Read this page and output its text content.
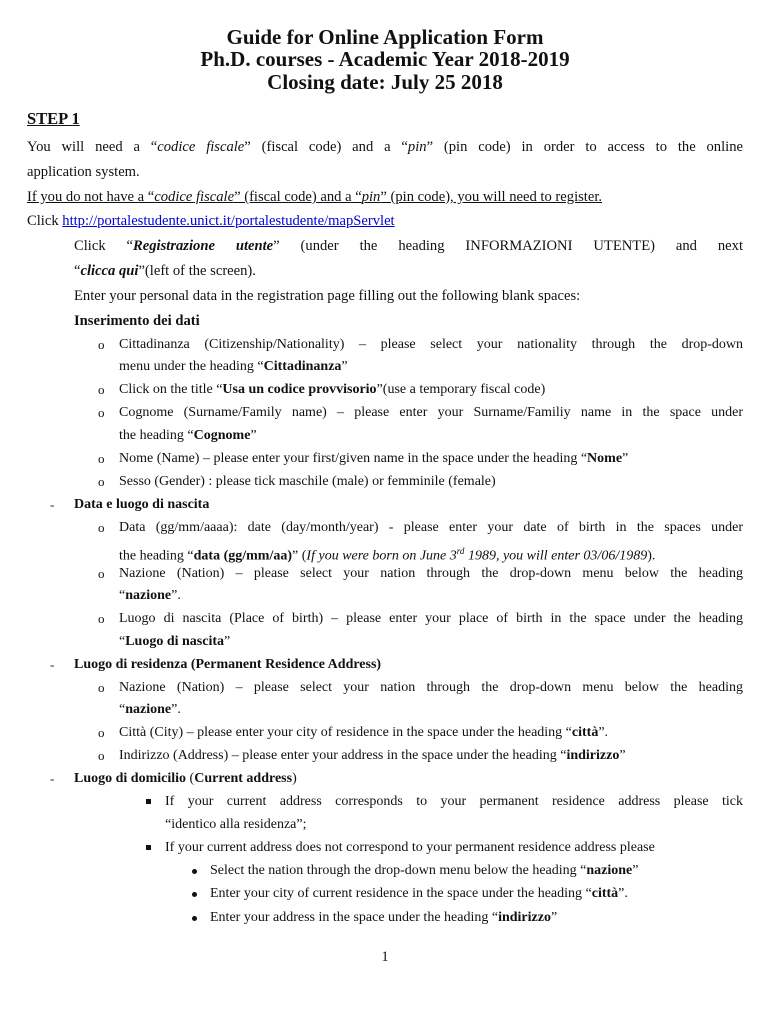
Guide for Online Application Form
Ph.D. courses - Academic Year 2018-2019
Closing date: July 25 2018
STEP 1
You will need a “codice fiscale” (fiscal code) and a “pin” (pin code) in order to access to the online
application system.
If you do not have a “codice fiscale” (fiscal code) and a “pin” (pin code), you will need to register.
Click http://portalestudente.unict.it/portalestudente/mapServlet
Click “Registrazione utente” (under the heading INFORMAZIONI UTENTE) and next
“clicca qui”(left of the screen).
Enter your personal data in the registration page filling out the following blank spaces:
Inserimento dei dati
o Cittadinanza (Citizenship/Nationality) – please select your nationality through the drop-down
menu under the heading “Cittadinanza”
o Click on the title “Usa un codice provvisorio”(use a temporary fiscal code)
o Cognome (Surname/Family name) – please enter your Surname/Familiy name in the space under
the heading “Cognome”
o Nome (Name) – please enter your first/given name in the space under the heading “Nome”
o Sesso (Gender) : please tick maschile (male) or femminile (female)
- Data e luogo di nascita
o Data (gg/mm/aaaa): date (day/month/year) - please enter your date of birth in the spaces under
the heading “data (gg/mm/aa)” (If you were born on June 3rd 1989, you will enter 03/06/1989).
o Nazione (Nation) – please select your nation through the drop-down menu below the heading
“nazione”.
o Luogo di nascita (Place of birth) – please enter your place of birth in the space under the heading
“Luogo di nascita”
- Luogo di residenza (Permanent Residence Address)
o Nazione (Nation) – please select your nation through the drop-down menu below the heading
“nazione”.
o Città (City) – please enter your city of residence in the space under the heading “città”.
o Indirizzo (Address) – please enter your address in the space under the heading “indirizzo”
- Luogo di domicilio (Current address)
If your current address corresponds to your permanent residence address please tick
“identico alla residenza”;
If your current address does not correspond to your permanent residence address please
Select the nation through the drop-down menu below the heading “nazione”
Enter your city of current residence in the space under the heading “città”.
Enter your address in the space under the heading “indirizzo”
1
